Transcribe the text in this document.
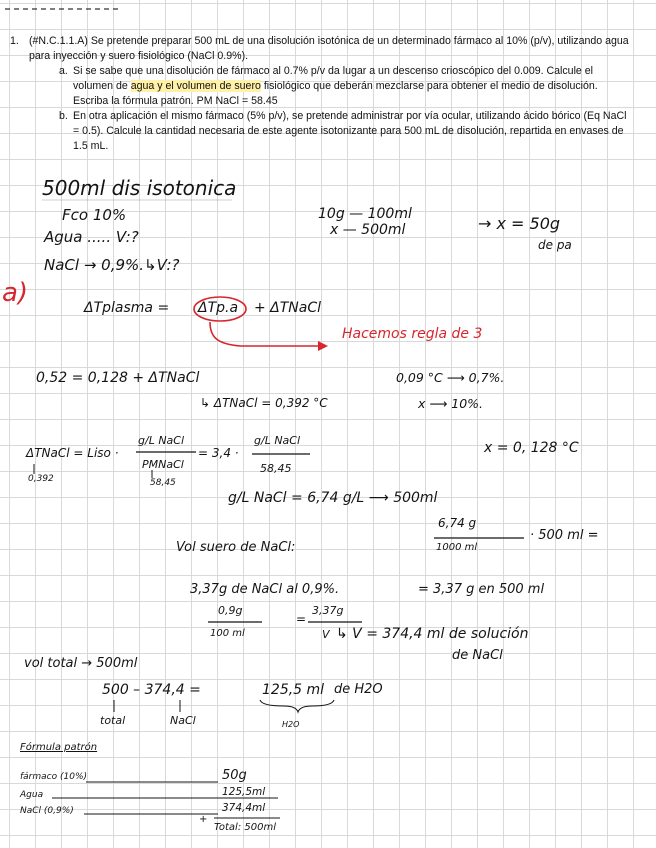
1. (#N.C.1.1.A) Se pretende preparar 500 mL de una disolución isotónica de un determinado fármaco al 10% (p/v), utilizando agua para inyección y suero fisiológico (NaCl 0.9%).
a. Si se sabe que una disolución de fármaco al 0.7% p/v da lugar a un descenso crioscópico del 0.009. Calcule el volumen de agua y el volumen de suero fisiológico que deberán mezclarse para obtener el medio de disolución. Escriba la fórmula patrón. PM NaCl = 58.45
b. En otra aplicación el mismo fármaco (5% p/v), se pretende administrar por vía ocular, utilizando ácido bórico (Eq NaCl = 0.5). Calcule la cantidad necesaria de este agente isotonizante para 500 mL de disolución, repartida en envases de 1.5 mL.
500ml dis isotonica
Fco 10%
Agua ..... V:?
NaCl → 0,9%.↳V:?
10g — 100ml
x — 500ml	→ x = 50g
de pa
a)	ΔTplasma = ΔTp.a + ΔTNaCl
Hacemos regla de 3
0,52 = 0,128 + ΔTNaCl
↳ ΔTNaCl = 0,392 °C
0,09 °C ⟶ 0,7%.
x ⟶ 10%.
x = 0, 128 °C
ΔTNaCl = Liso ·
g/L NaCl
PMNaCl
= 3,4 ·
g/L NaCl
58,45
0,392	58,45
g/L NaCl = 6,74 g/L ⟶ 500ml
6,74 g
1000 ml
· 500 ml =
Vol suero de NaCl:
3,37g de NaCl al 0,9%.	= 3,37 g en 500 ml
0,9g
100 ml
=
3,37g
V ↳ V = 374,4 ml de solución
de NaCl
vol total → 500ml
500 – 374,4 =	125,5 ml de H2O
total	NaCl	H2O
Fórmula patrón
fármaco (10%)	50g
Agua	125,5ml
NaCl (0,9%)	374,4ml
Total: 500ml
+
